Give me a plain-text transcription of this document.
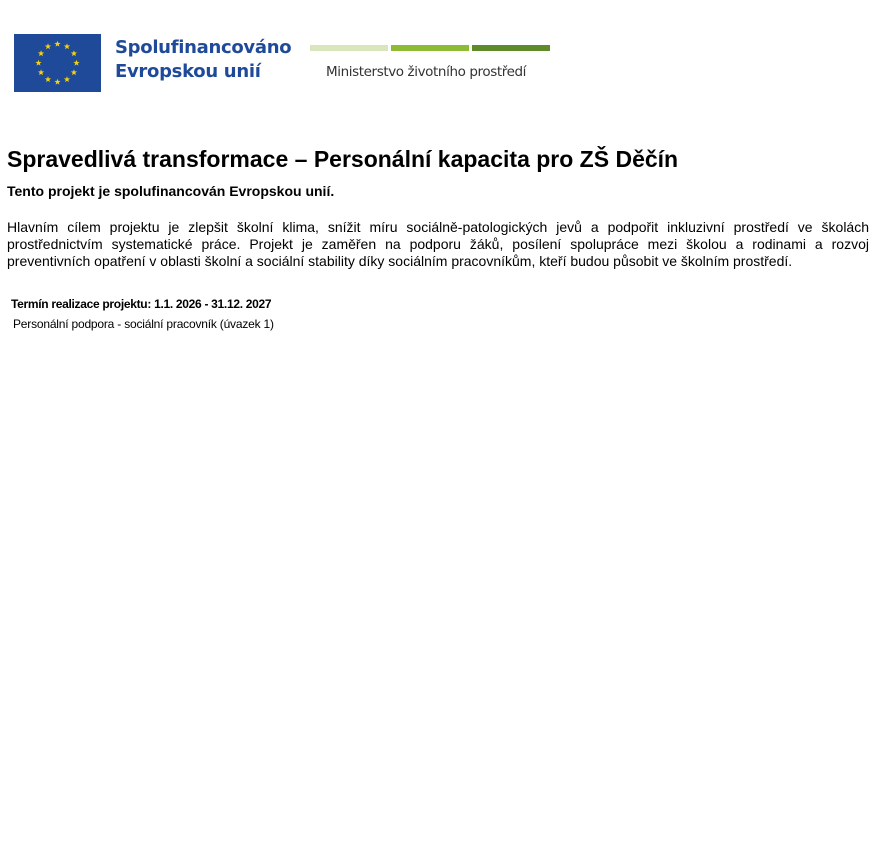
Spolufinancováno
Evropskou unií	Ministerstvo životního prostředí
Spravedlivá transformace – Personální kapacita pro ZŠ Děčín

Tento projekt je spolufinancován Evropskou unií.

Hlavním cílem projektu je zlepšit školní klima, snížit míru sociálně-patologických jevů a podpořit inkluzivní prostředí ve školách prostřednictvím systematické práce. Projekt je zaměřen na podporu žáků, posílení spolupráce mezi školou a rodinami a rozvoj preventivních opatření v oblasti školní a sociální stability díky sociálním pracovníkům, kteří budou působit ve školním prostředí.

Termín realizace projektu: 1.1. 2026 - 31.12. 2027
Personální podpora - sociální pracovník (úvazek 1)
